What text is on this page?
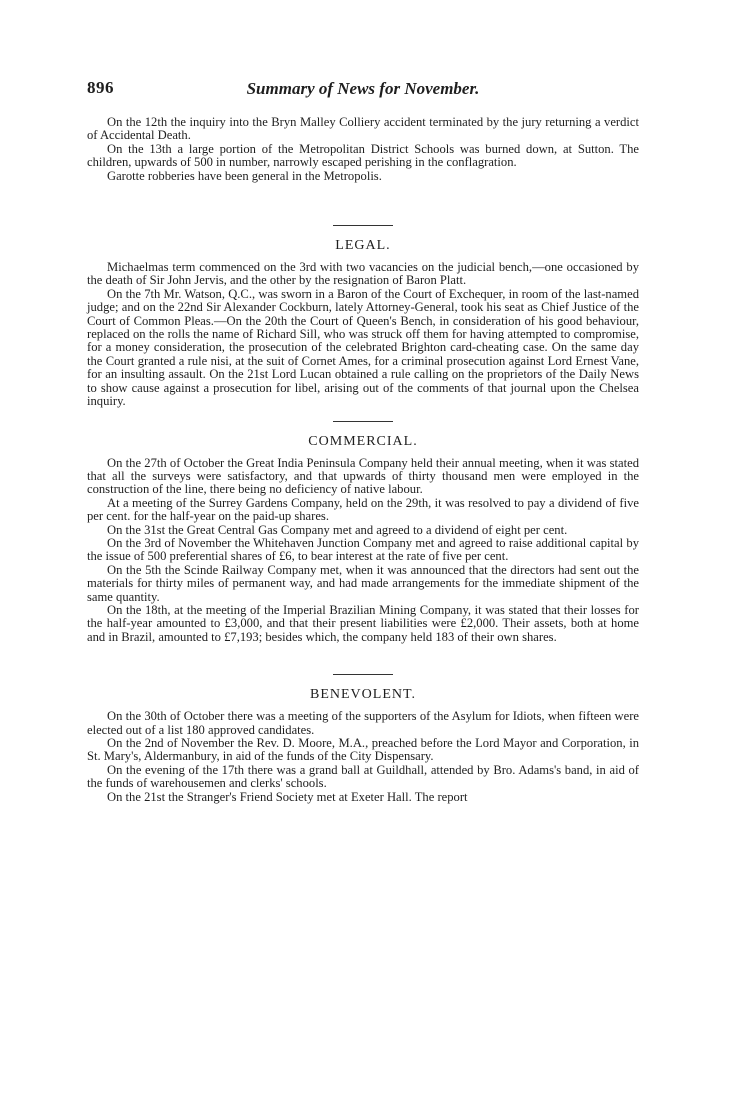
896	Summary of News for November.

On the 12th the inquiry into the Bryn Malley Colliery accident terminated by the jury returning a verdict of Accidental Death.

On the 13th a large portion of the Metropolitan District Schools was burned down, at Sutton. The children, upwards of 500 in number, narrowly escaped perishing in the conflagration.

Garotte robberies have been general in the Metropolis.

LEGAL.

Michaelmas term commenced on the 3rd with two vacancies on the judicial bench,—one occasioned by the death of Sir John Jervis, and the other by the resignation of Baron Platt.

On the 7th Mr. Watson, Q.C., was sworn in a Baron of the Court of Exchequer, in room of the last-named judge; and on the 22nd Sir Alexander Cockburn, lately Attorney-General, took his seat as Chief Justice of the Court of Common Pleas.—On the 20th the Court of Queen's Bench, in consideration of his good behaviour, replaced on the rolls the name of Richard Sill, who was struck off them for having attempted to compromise, for a money consideration, the prosecution of the celebrated Brighton card-cheating case. On the same day the Court granted a rule nisi, at the suit of Cornet Ames, for a criminal prosecution against Lord Ernest Vane, for an insulting assault. On the 21st Lord Lucan obtained a rule calling on the proprietors of the Daily News to show cause against a prosecution for libel, arising out of the comments of that journal upon the Chelsea inquiry.

COMMERCIAL.

On the 27th of October the Great India Peninsula Company held their annual meeting, when it was stated that all the surveys were satisfactory, and that upwards of thirty thousand men were employed in the construction of the line, there being no deficiency of native labour.

At a meeting of the Surrey Gardens Company, held on the 29th, it was resolved to pay a dividend of five per cent. for the half-year on the paid-up shares.

On the 31st the Great Central Gas Company met and agreed to a dividend of eight per cent.

On the 3rd of November the Whitehaven Junction Company met and agreed to raise additional capital by the issue of 500 preferential shares of £6, to bear interest at the rate of five per cent.

On the 5th the Scinde Railway Company met, when it was announced that the directors had sent out the materials for thirty miles of permanent way, and had made arrangements for the immediate shipment of the same quantity.

On the 18th, at the meeting of the Imperial Brazilian Mining Company, it was stated that their losses for the half-year amounted to £3,000, and that their present liabilities were £2,000. Their assets, both at home and in Brazil, amounted to £7,193; besides which, the company held 183 of their own shares.

BENEVOLENT.

On the 30th of October there was a meeting of the supporters of the Asylum for Idiots, when fifteen were elected out of a list 180 approved candidates.

On the 2nd of November the Rev. D. Moore, M.A., preached before the Lord Mayor and Corporation, in St. Mary's, Aldermanbury, in aid of the funds of the City Dispensary.

On the evening of the 17th there was a grand ball at Guildhall, attended by Bro. Adams's band, in aid of the funds of warehousemen and clerks' schools.

On the 21st the Stranger's Friend Society met at Exeter Hall. The report
